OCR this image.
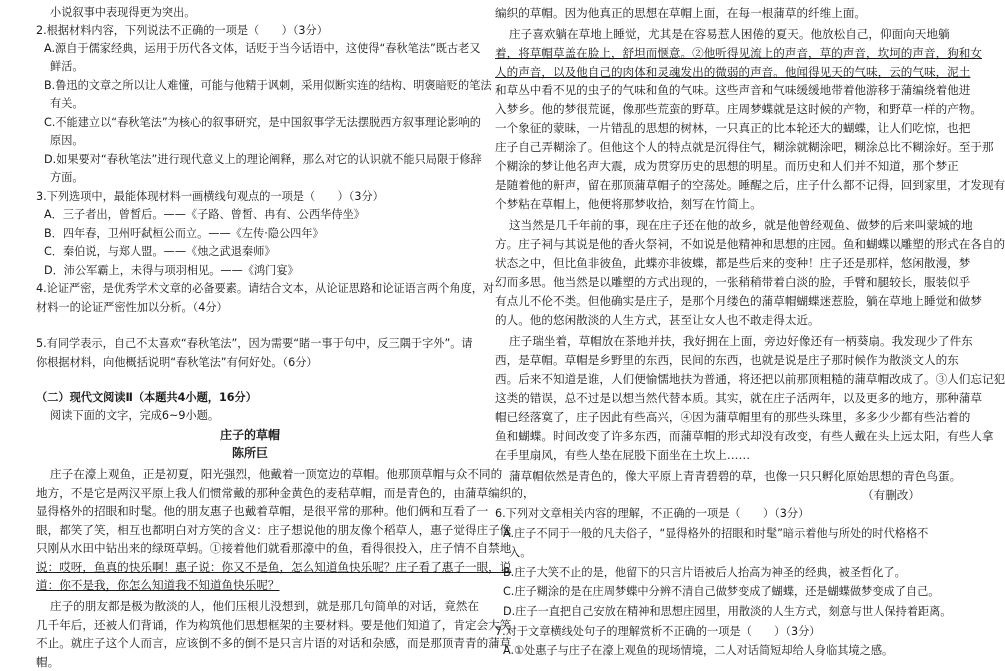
小说叙事中表现得更为突出。
2.根据材料内容，下列说法不正确的一项是（　　）（3分）
A.源自于儒家经典，运用于历代各文体，话贬于当今话语中，这使得“春秋笔法”既古老又
鲜活。
B.鲁迅的文章之所以让人难懂，可能与他精于讽刺，采用似断实连的结构、明褒暗贬的笔法
有关。
C.不能建立以“春秋笔法”为核心的叙事研究，是中国叙事学无法摆脱西方叙事理论影响的
原因。
D.如果要对“春秋笔法”进行现代意义上的理论阐释，那么对它的认识就不能只局限于修辞
方面。
3.下列选项中，最能体现材料一画横线句观点的一项是（　　）（3分）
A．三子者出，曾皙后。——《子路、曾皙、冉有、公西华侍坐》
B．四年春，卫州吁弑桓公而立。——《左传·隐公四年》
C．秦伯说，与郑人盟。——《烛之武退秦师》
D．沛公军霸上，未得与项羽相见。——《鸿门宴》
4.论证严密，是优秀学术文章的必备要素。请结合文本，从论证思路和论证语言两个角度，对
材料一的论证严密性加以分析。（4分）
5.有同学表示，自己不太喜欢“春秋笔法”，因为需要“睹一事于句中，反三隅于字外”。请
你根据材料，向他概括说明“春秋笔法”有何好处。（6分）
（二）现代文阅读Ⅱ（本题共4小题，16分）
阅读下面的文字，完成6~9小题。
庄子的草帽
陈所巨
庄子在濠上观鱼，正是初夏，阳光强烈，他戴着一顶宽边的草帽。他那顶草帽与众不同的
地方，不是它是两汉平原上我人们惯常戴的那种金黄色的麦秸草帽，而是青色的，由蒲草编织的，
显得格外的招眼和时髦。他的朋友惠子也戴着草帽，是很平常的那种。他们俩和互看了一
眼，都笑了笑，相互也都明白对方笑的含义：庄子想说他的朋友像个稻草人，惠子觉得庄子像
只刚从水田中钻出来的绿斑草蚂。①接着他们就看那濠中的鱼，看得很投入，庄子情不自禁地
说：哎呀，鱼真的快乐啊！惠子说：你又不是鱼，怎么知道鱼快乐呢？庄子看了惠子一眼，说
道：你不是我，你怎么知道我不知道鱼快乐呢？
庄子的朋友都是极为散淡的人，他们压根儿没想到，就是那几句简单的对话，竟然在
几千年后，还被人们背诵，作为构筑他们思想框架的主要材料。要是他们知道了，肯定会大笑
不止。就庄子这个人而言，应该倒不多的倒不是只言片语的对话和杂感，而是那顶青青的蒲草
帽。
编织的草帽。因为他真正的思想在草帽上面，在每一根蒲草的纤维上面。
庄子喜欢躺在草地上睡觉，尤其是在容易惹人困倦的夏天。他放松自己，仰面向天地躺
着，将草帽草盖在脸上，舒坦而惬意。②他听得见流上的声音，草的声音，坎坷的声音，狗和女
人的声音，以及他自己的肉体和灵魂发出的微弱的声音。他闻得见天的气味，云的气味，泥土
和草丛中看不见的虫子的气味和鱼的气味。这些声音和气味缓缓地带着他游移于蒲编绕着他进
入梦乡。他的梦很荒诞，像那些荒蛮的野草。庄周梦蝶就是这时候的产物，和野草一样的产物。
一个象征的蒙昧，一片错乱的思想的树林，一只真正的比本轮还大的蝴蝶，让人们吃惊，也把
庄子自己弄糊涂了。但他这个人的特点就是沉得住气，糊涂就糊涂吧，糊涂总比不糊涂好。至于那
个糊涂的梦让他名声大震，成为贯穿历史的思想的明星。而历史和人们并不知道，那个梦正
是随着他的鼾声，留在那顶蒲草帽子的空荡处。睡醒之后，庄子什么都不记得，回到家里，才发现有
个梦粘在草帽上，他便将那梦收拾，刻写在竹简上。
这当然是几千年前的事，现在庄子还在他的故乡，就是他曾经观鱼、做梦的后来叫蒙城的地
方。庄子祠与其说是他的香火祭祠，不如说是他精神和思想的庄园。鱼和蝴蝶以雕塑的形式在各自的
状态之中，但比鱼非彼鱼，此蝶亦非彼蝶，都是些后来的变种！庄子还是那样，悠闲散漫，梦
幻而多思。他当然是以雕塑的方式出现的，一张稍稍带着白淡的脸，手臂和腿较长，服装似乎
有点儿不伦不类。但他确实是庄子，是那个月缕色的蒲草帽蝴蝶迷惹脸，躺在草地上睡觉和做梦
的人。他的悠闲散淡的人生方式，甚至让女人也不敢走得太近。
庄子瑞坐着，草帽放在茶地并扶，我好拥在上面，旁边好像还有一柄葵扇。我发现少了件东
西，是草帽。草帽是乡野里的东西，民间的东西，也就是说是庄子那时候作为散淡文人的东
西。后来不知道是谁，人们便愉懦地扶为普通，将还把以前那顶粗糙的蒲草帽改成了。③人们忘记犯
这类的错误，总不过是以想当然代替本质。其实，就在庄子活两年，以及更多的地方，那种蒲草
帽已经落寞了，庄子因此有些高兴，④因为蒲草帽里有的那些头珠里，多多少少都有些沾着的
鱼和蝴蝶。时间改变了许多东西，而蒲草帽的形式却没有改变，有些人戴在头上远太阳，有些人拿
在手里扇风，有些人垫在屁股下面坐在土坎上……
蒲草帽依然是青色的，像大平原上青青碧碧的草，也像一只只孵化原始思想的青色鸟蛋。
（有删改）
6.下列对文章相关内容的理解，不正确的一项是（　　）（3分）
A.庄子不同于一般的凡夫俗子，“显得格外的招眼和时髦”暗示着他与所处的时代格格不
入。
B.庄子大笑不止的是，他留下的只言片语被后人抬高为神圣的经典，被圣哲化了。
C.庄子糊涂的是在庄周梦蝶中分辨不清自己做梦变成了蝴蝶，还是蝴蝶做梦变成了自己。
D.庄子一直把自己安放在精神和思想庄园里，用散淡的人生方式，刻意与世人保持着距离。
7.对于文章横线处句子的理解赏析不正确的一项是（　　）（3分）
A.①处惠子与庄子在濠上观鱼的现场情境，二人对话简短却给人身临其境之感。
